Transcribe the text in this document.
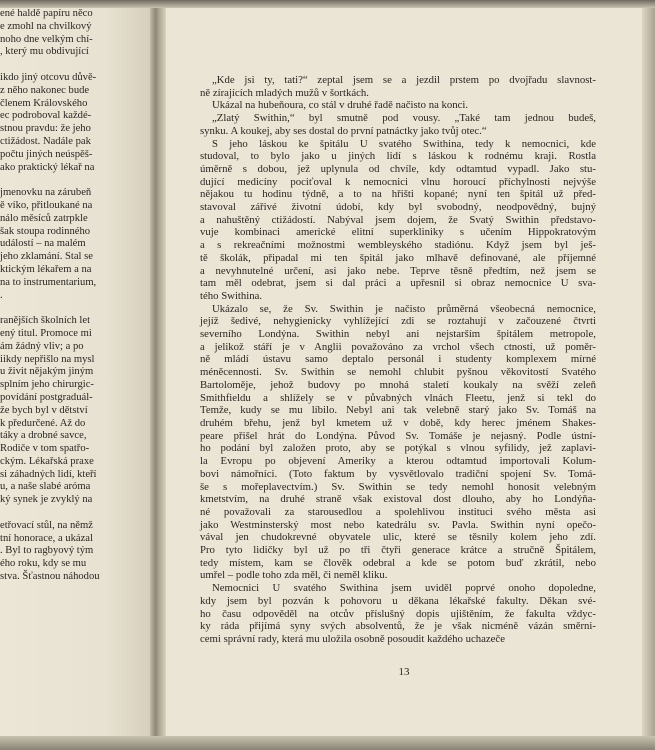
ené haldě papíru něco
e zmohl na chvilkový
noho dne velkým chí-
, který mu obdivující
ikdo jiný otcovu důvě-
z něho nakonec bude
členem Královského
ec podroboval každé-
stnou pravdu: že jeho
ctižádost. Nadále pak
počtu jiných neúspěš-
ako praktický lékař na
jmenovku na zárubeň
ě víko, přitloukané na
nálo měsíců zatrpkle
šak stoupa rodinného
událostí – na malém
jeho zklamání. Stal se
ktickým lékařem a na
na to instrumentarium,
.
ranějších školních let
ený titul. Promoce mi
ám žádný vliv; a po
iikdy nepřišlo na mysl
u živit nějakým jiným
splním jeho chirurgic-
povídání postgraduál-
že bych byl v dětství
k předurčené. Až do
táky a drobné savce,
Rodiče v tom spatřo-
ckým. Lékařská praxe
si záhadných lidí, kteří
u, a naše slabé aróma
ký synek je zvyklý na
etřovací stůl, na němž
tní honorace, a ukázal
. Byl to ragbyový tým
ého roku, kdy se mu
stva. Šťastnou náhodou
„Kde jsi ty, tati?“ zeptal jsem se a jezdil prstem po dvojřadu slavnost-
ně zírajících mladých mužů v šortkách.
Ukázal na hubeňoura, co stál v druhé řadě načisto na konci.
„Zlatý Swithin,“ byl smutně pod vousy. „Také tam jednou budeš,
synku. A koukej, aby ses dostal do první patnáctky jako tvůj otec.“
S jeho láskou ke špitálu U svatého Swithina, tedy k nemocnici, kde
studoval, to bylo jako u jiných lidí s láskou k rodnému kraji. Rostla
úměrně s dobou, jež uplynula od chvíle, kdy odtamtud vypadl. Jako stu-
dující medicíny pociťoval k nemocnici vlnu horoucí příchylnosti nejvýše
nějakou tu hodinu týdně, a to na hřišti kopané; nyní ten špitál už před-
stavoval zářivé životní údobí, kdy byl svobodný, neodpovědný, bujný
a nahuštěný ctižádostí. Nabýval jsem dojem, že Svatý Swithin představo-
vuje kombinaci americké elitní superkliniky s učením Hippokratovým
a s rekreačními možnostmi wembleyského stadiónu. Když jsem byl ješ-
tě školák, připadal mi ten špitál jako mlhavě definované, ale příjemné
a nevyhnutelné určení, asi jako nebe. Teprve těsně předtím, než jsem se
tam měl odebrat, jsem si dal práci a upřesnil si obraz nemocnice U sva-
tého Swithina.
Ukázalo se, že Sv. Swithin je načisto průměrná všeobecná nemocnice,
jejíž šedivé, nehygienicky vyhlížející zdi se roztahují v začouzené čtvrti
severního Londýna. Swithin nebyl ani nejstarším špitálem metropole,
a jelikož stáří je v Anglii považováno za vrchol všech ctností, už poměr-
ně mládí ústavu samo deptalo personál i studenty komplexem mírné
méněcennosti. Sv. Swithin se nemohl chlubit pyšnou věkovitostí Svatého
Bartoloměje, jehož budovy po mnohá staletí koukaly na svěží zeleň
Smithfieldu a shlížely se v půvabných vlnách Fleetu, jenž si tekl do
Temže, kudy se mu líbilo. Nebyl ani tak velebně starý jako Sv. Tomáš na
druhém břehu, jenž byl kmetem už v době, kdy herec jménem Shakes-
peare přišel hrát do Londýna. Původ Sv. Tomáše je nejasný. Podle ústní-
ho podání byl založen proto, aby se potýkal s vlnou syfilidy, jež zaplavi-
la Evropu po objevení Ameriky a kterou odtamtud importovali Kolum-
bovi námořníci. (Toto faktum by vysvětlovalo tradiční spojení Sv. Tomá-
še s mořeplavectvím.) Sv. Swithin se tedy nemohl honosit velebným
kmetstvím, na druhé straně však existoval dost dlouho, aby ho Londýňa-
né považovali za starousedlou a spolehlivou instituci svého města asi
jako Westminsterský most nebo katedrálu sv. Pavla. Swithin nyní opečo-
vával jen chudokrevné obyvatele ulic, které se těsnily kolem jeho zdí.
Pro tyto lidičky byl už po tři čtyři generace krátce a stručně Špitálem,
tedy místem, kam se člověk odebral a kde se potom buď zkrátil, nebo
umřel – podle toho zda měl, či neměl kliku.
Nemocnici U svatého Swithina jsem uviděl poprvé onoho dopoledne,
kdy jsem byl pozván k pohovoru u děkana lékařské fakulty. Děkan své-
ho času odpověděl na otcův příslušný dopis ujištěním, že fakulta vždyc-
ky ráda přijímá syny svých absolventů, že je však nicméně vázán směrni-
cemi správní rady, která mu uložila osobně posoudit každého uchazeče
13
